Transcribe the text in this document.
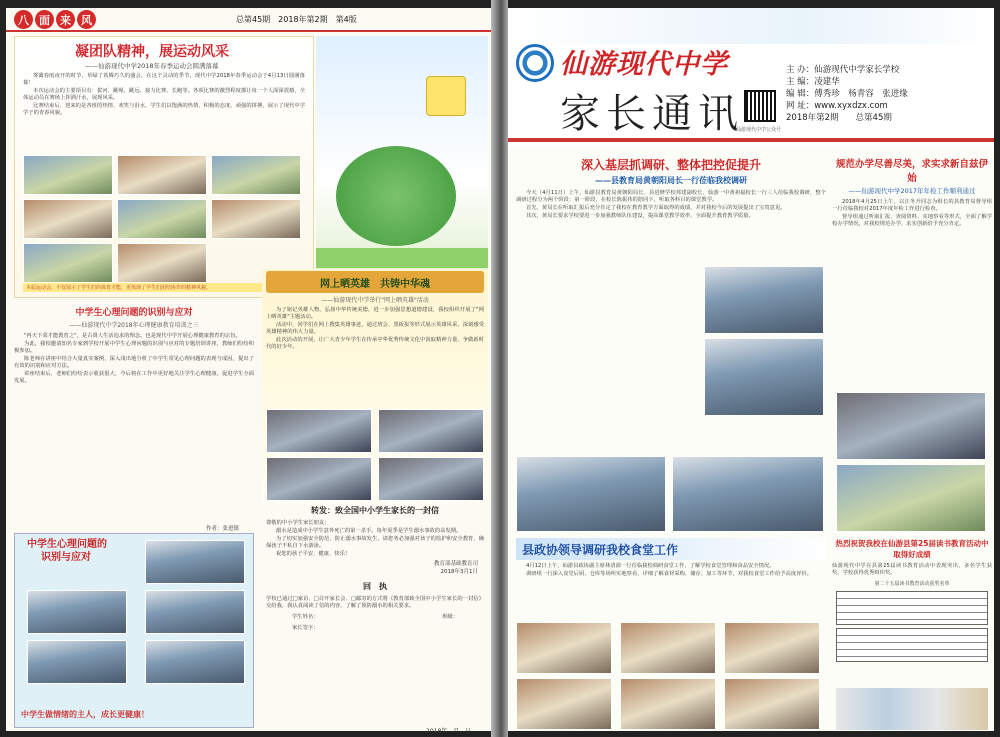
八 面 来 风	总第45期　2018年第2期　第4版
凝团队精神，展运动风采
——仙游现代中学2018年春季运动会圆满落幕

雾霭春雨夜开的时节，草绿了希腾巧久的盛会。在这个灵动的季节，现代中学2018年春季运动会于4月13日圆满落幕！

本次运动会的主要项目有：拔河、跳绳、跳远、接力比赛、长跑等。各项比赛的激烈程度都让每一个人深深震撼，全体运动员在赛场上挥洒汗水，展现风采。

比赛结束后，迎来的是各班的热情、欢笑与泪水，学生们以饱满的热情、积极的态度、顽强的拼搏，展示了现代中学学子的青春风貌。

本届运动会，不仅展示了学生们的体育才能，更体现了学生们团结协作的精神风貌。
中学生心理问题的识别与应对
——仙游现代中学2018年心理健康教育培训之三

"再天下菜才能教育之"，是古贤人生活追求的理念。也是现代中学开展心理健康教育的宗旨。

为此，我校邀请知名专家到学校开展中学生心理问题的识别与应对的专题培训讲座，教师们纷纷积极参加。

陈老师在讲座中结合大量真实案例，深入浅出地分析了中学生常见心理问题的表现与成因，提出了有效的识别和应对方法。

讲座结束后，老师们纷纷表示收获很大，今后将在工作中更好地关注学生心理健康，促进学生全面发展。

作者：张进镇
中学生心理问题的
识别与应对
中学生做情绪的主人，成长更健康！
网上晒英雄　共铸中华魂
——仙游现代中学举行"网上晒英雄"活动

为了铭记英雄人物，弘扬中华传统美德，进一步加强思想道德建设，我校组织开展了"网上晒英雄"主题活动。

活动中，同学们在网上搜集英雄事迹，通过班会、黑板报等形式展示英雄风采，深刻感受英雄精神的伟大力量。

此次活动的开展，让广大青少年学生在传承中华优秀传统文化中汲取精神力量，争做新时代的好少年。

转发：致全国中小学生家长的一封信

尊敬的中小学生家长朋友：

溺水是造成中小学生意外死亡的第一杀手。每年夏季是学生溺水事故的高发期。

为了切实加强安全防范，防止溺水事故发生，请您务必加强对孩子的监护和安全教育，确保孩子不私自下水游泳。

祝您的孩子平安、健康、快乐！

教育部基础教育司
2018年3月1日
回　执
学校已通过□家访、□召开家长会、□邮寄的方式将《教育部致全国中小学生家长的一封信》交给我，我认真阅读了信的内容，了解了预防溺水的相关要求。
学生姓名：	班级：
家长签字：
2018年　月　日
仙游现代中学
家长通讯
仙游现代中学公众号
主 办：仙游现代中学家长学校
主 编：凌建华
编 辑：傅秀珍　杨青容　张进缘
网 址：www.xyxdzx.com
2018年第2期　　总第45期
深入基层抓调研、整体把控促提升
——县教育局黄朝阳局长一行莅临我校调研

今天（4月11日）上午，仙游县教育局黄朝阳局长、县进修学校邦建副校长、仙游一中黄祖福校长一行三人莅临我校调研，整个调研过程分为两个阶段：第一阶段，在校长陈振伟的陪同下，听取各科目的课堂教学。

首先，黄局长在听取汇报后充分肯定了我校在教育教学方面取得的成绩，并对我校今后的发展提出了宝贵意见。

其次，黄局长要求学校要进一步加强教师队伍建设，提高课堂教学效率，全面提升教育教学质量。

规范办学尽善尽美，求实求新自兹伊始
——仙游现代中学2017年年检工作顺利通过

2018年4月25日上午，以汪冬升同志为组长的县教育局督导组一行莅临我校对2017年度年检工作进行检查。

督导组通过听取汇报、查阅资料、实地察看等形式，全面了解学校办学情况，对我校规范办学、求实创新给予充分肯定。

县政协领导调研我校食堂工作

4月12日上午，仙游县政协副主席林清源一行莅临我校调研食堂工作，了解学校食堂管理和食品安全情况。

调研组一行深入食堂后厨、仓库等场所实地察看，详细了解食材采购、储存、加工等环节，对我校食堂工作给予高度评价。

热烈祝贺我校在仙游县第25届读书教育活动中取得好成绩
仙游现代中学在县第25届读书教育活动中表现突出，多名学生获奖，学校获得优秀组织奖。
第二十五届读书教育活动获奖名单
